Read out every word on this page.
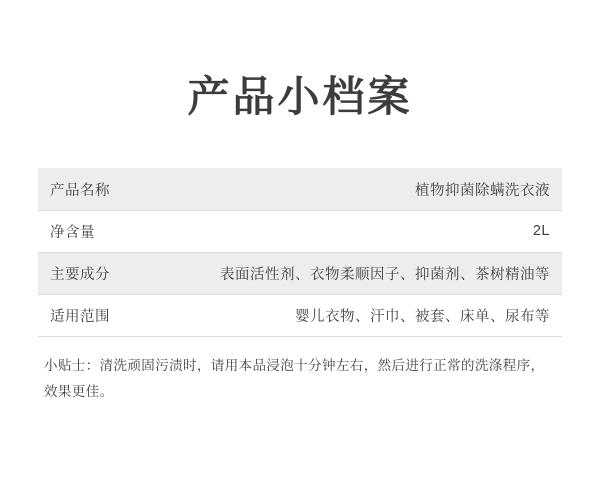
产品小档案
产品名称	植物抑菌除螨洗衣液
净含量	2L
主要成分	表面活性剂、衣物柔顺因子、抑菌剂、茶树精油等
适用范围	婴儿衣物、汗巾、被套、床单、尿布等
小贴士：清洗顽固污渍时，请用本品浸泡十分钟左右，然后进行正常的洗涤程序，效果更佳。
